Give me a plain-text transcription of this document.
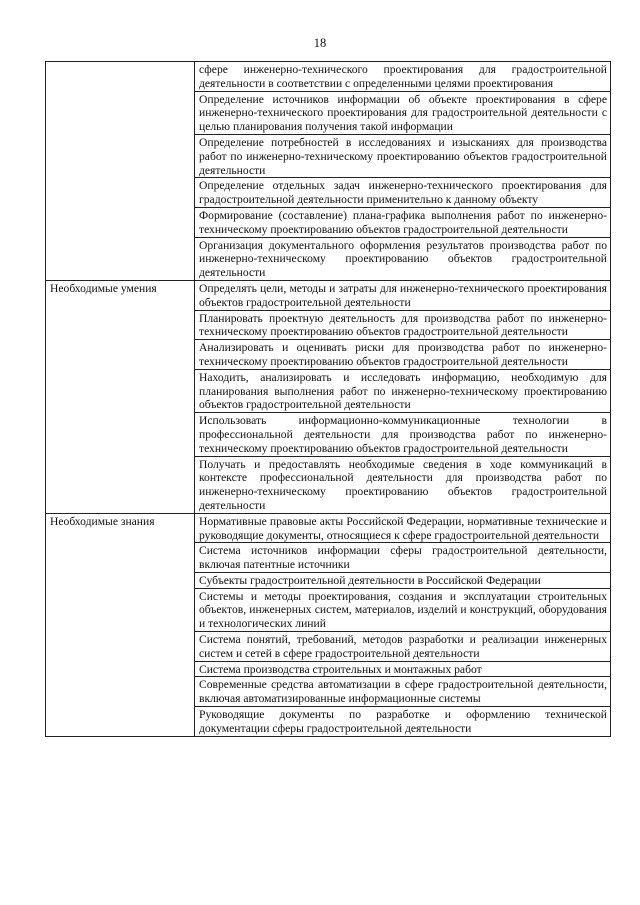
18
	сфере инженерно-технического проектирования для градостроительной деятельности в соответствии с определенными целями проектирования
	Определение источников информации об объекте проектирования в сфере инженерно-технического проектирования для градостроительной деятельности с целью планирования получения такой информации
	Определение потребностей в исследованиях и изысканиях для производства работ по инженерно-техническому проектированию объектов градостроительной деятельности
	Определение отдельных задач инженерно-технического проектирования для градостроительной деятельности применительно к данному объекту
	Формирование (составление) плана-графика выполнения работ по инженерно-техническому проектированию объектов градостроительной деятельности
	Организация документального оформления результатов производства работ по инженерно-техническому проектированию объектов градостроительной деятельности
Необходимые умения	Определять цели, методы и затраты для инженерно-технического проектирования объектов градостроительной деятельности
	Планировать проектную деятельность для производства работ по инженерно-техническому проектированию объектов градостроительной деятельности
	Анализировать и оценивать риски для производства работ по инженерно-техническому проектированию объектов градостроительной деятельности
	Находить, анализировать и исследовать информацию, необходимую для планирования выполнения работ по инженерно-техническому проектированию объектов градостроительной деятельности
	Использовать информационно-коммуникационные технологии в профессиональной деятельности для производства работ по инженерно-техническому проектированию объектов градостроительной деятельности
	Получать и предоставлять необходимые сведения в ходе коммуникаций в контексте профессиональной деятельности для производства работ по инженерно-техническому проектированию объектов градостроительной деятельности
Необходимые знания	Нормативные правовые акты Российской Федерации, нормативные технические и руководящие документы, относящиеся к сфере градостроительной деятельности
	Система источников информации сферы градостроительной деятельности, включая патентные источники
	Субъекты градостроительной деятельности в Российской Федерации
	Системы и методы проектирования, создания и эксплуатации строительных объектов, инженерных систем, материалов, изделий и конструкций, оборудования и технологических линий
	Система понятий, требований, методов разработки и реализации инженерных систем и сетей в сфере градостроительной деятельности
	Система производства строительных и монтажных работ
	Современные средства автоматизации в сфере градостроительной деятельности, включая автоматизированные информационные системы
	Руководящие документы по разработке и оформлению технической документации сферы градостроительной деятельности
